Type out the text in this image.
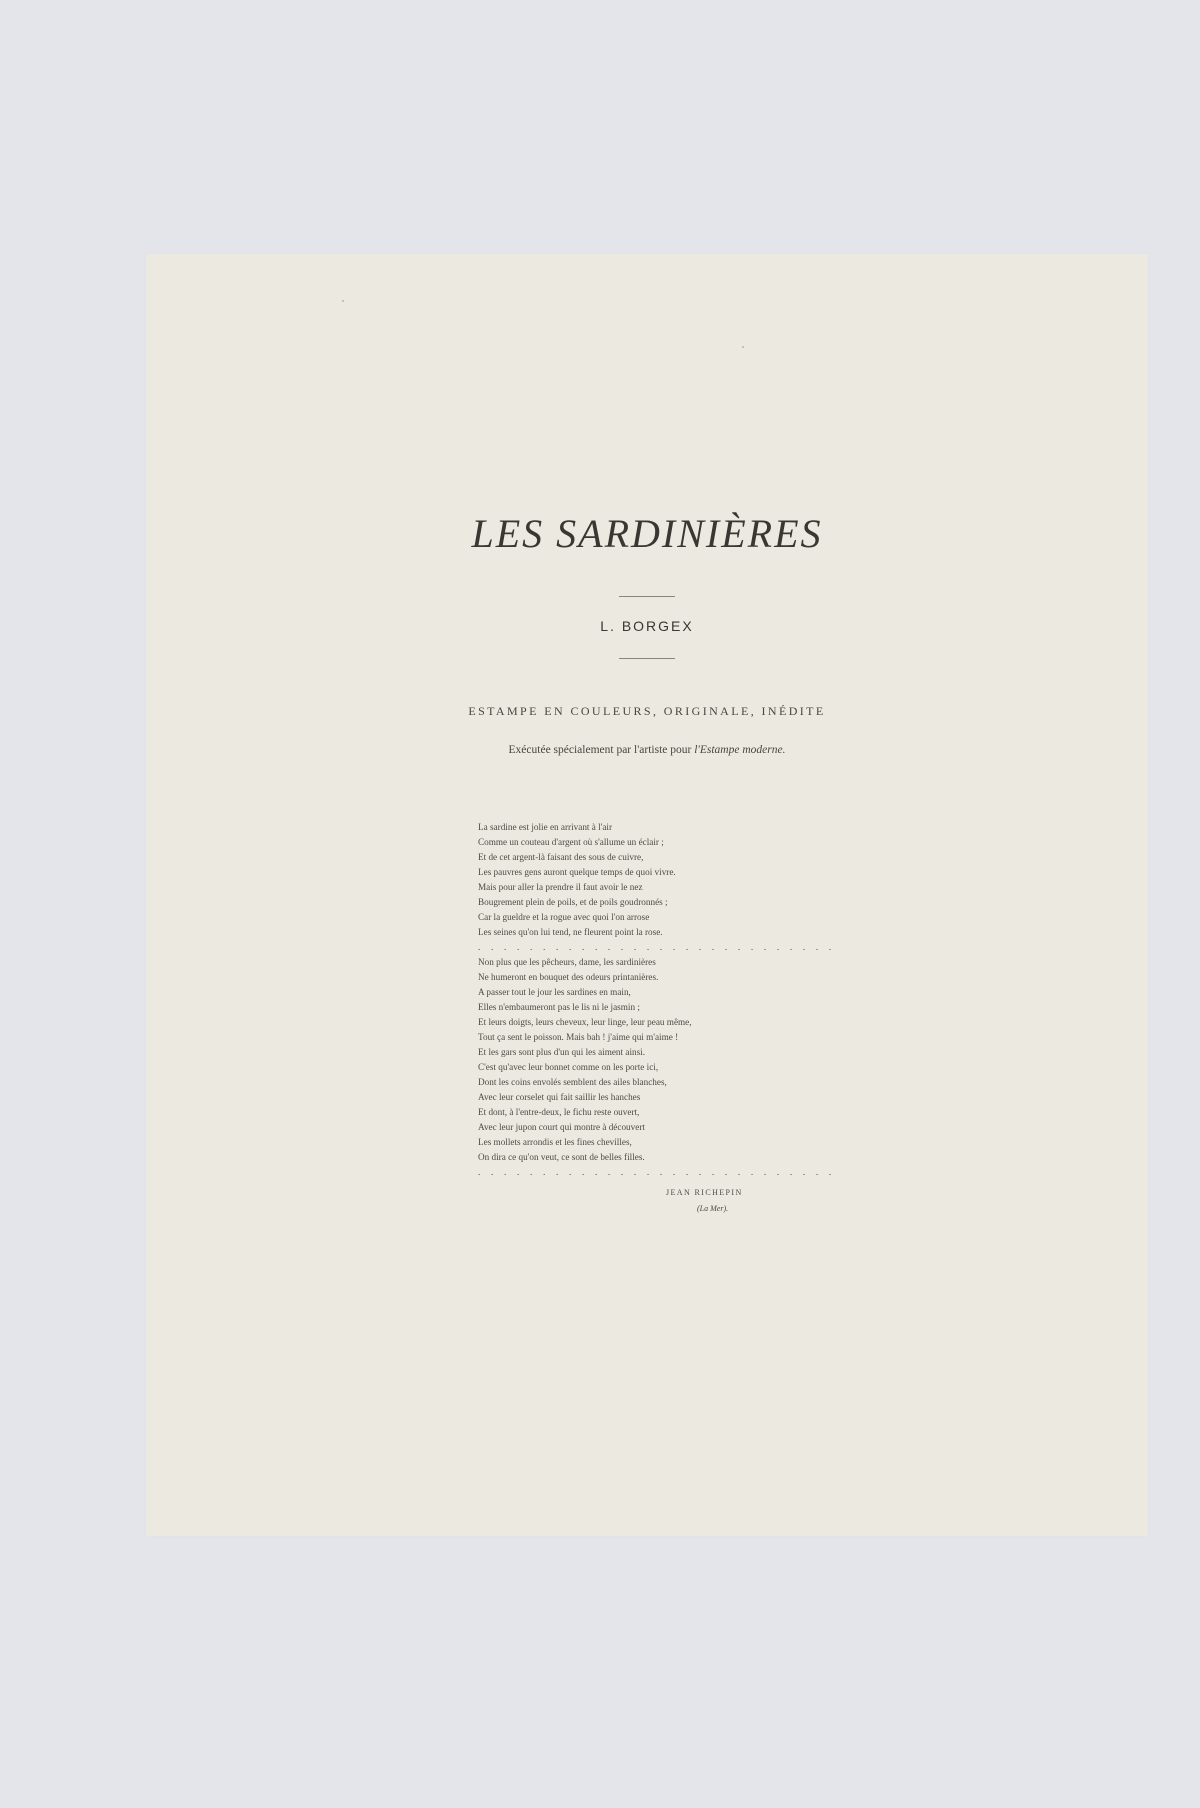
LES SARDINIÈRES
L. BORGEX
ESTAMPE EN COULEURS, ORIGINALE, INÉDITE
Exécutée spécialement par l'artiste pour l'Estampe moderne.
La sardine est jolie en arrivant à l'air
Comme un couteau d'argent où s'allume un éclair ;
Et de cet argent-là faisant des sous de cuivre,
Les pauvres gens auront quelque temps de quoi vivre.
Mais pour aller la prendre il faut avoir le nez
Bougrement plein de poils, et de poils goudronnés ;
Car la gueldre et la rogue avec quoi l'on arrose
Les seines qu'on lui tend, ne fleurent point la rose.
. . . . . . . . . . . . . . . . . . . . . . . . . . . .
Non plus que les pêcheurs, dame, les sardinières
Ne humeront en bouquet des odeurs printanières.
A passer tout le jour les sardines en main,
Elles n'embaumeront pas le lis ni le jasmin ;
Et leurs doigts, leurs cheveux, leur linge, leur peau même,
Tout ça sent le poisson. Mais bah ! j'aime qui m'aime !
Et les gars sont plus d'un qui les aiment ainsi.
C'est qu'avec leur bonnet comme on les porte ici,
Dont les coins envolés semblent des ailes blanches,
Avec leur corselet qui fait saillir les hanches
Et dont, à l'entre-deux, le fichu reste ouvert,
Avec leur jupon court qui montre à découvert
Les mollets arrondis et les fines chevilles,
On dira ce qu'on veut, ce sont de belles filles.
. . . . . . . . . . . . . . . . . . . . . . . . . . . .
JEAN RICHEPIN
(La Mer).
